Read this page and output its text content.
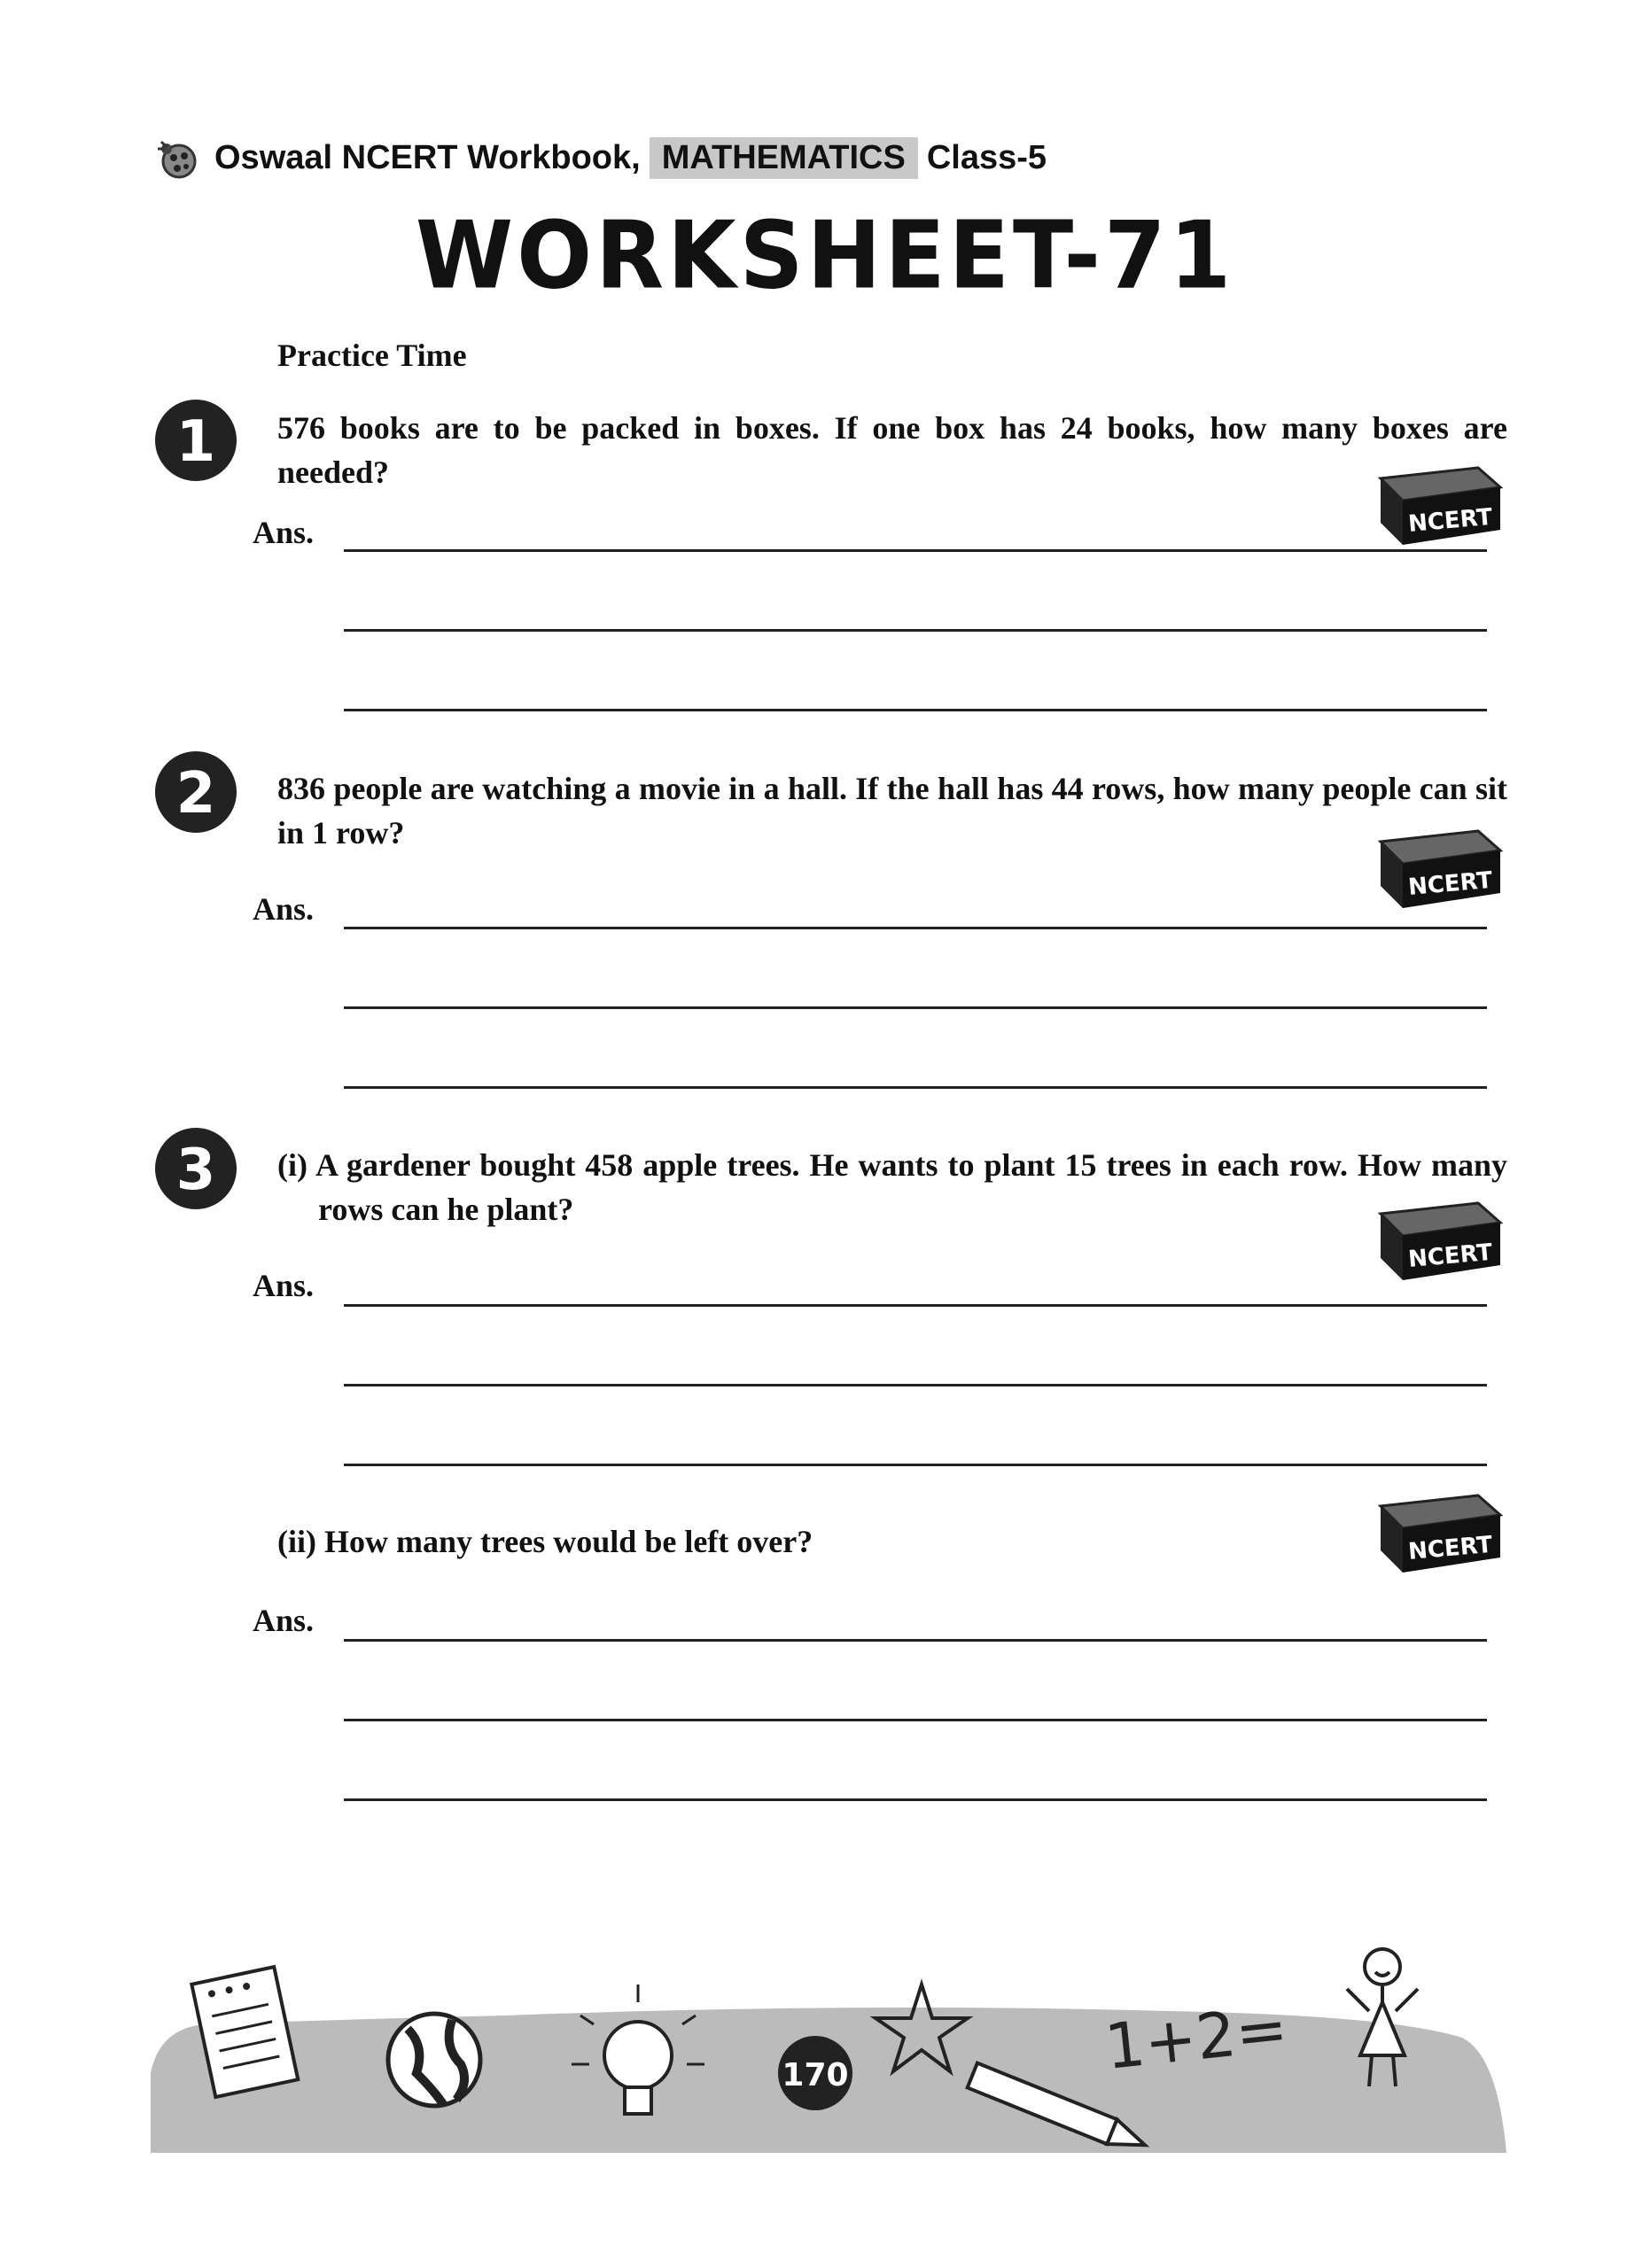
Oswaal NCERT Workbook, MATHEMATICS Class-5
WORKSHEET-71
Practice Time
1 576 books are to be packed in boxes. If one box has 24 books, how many boxes are needed?
NCERT
Ans.
2 836 people are watching a movie in a hall. If the hall has 44 rows, how many people can sit in 1 row?
NCERT
Ans.
3 (i) A gardener bought 458 apple trees. He wants to plant 15 trees in each row. How many rows can he plant?
NCERT
Ans.
NCERT
(ii) How many trees would be left over?
Ans.
170	1+2=
